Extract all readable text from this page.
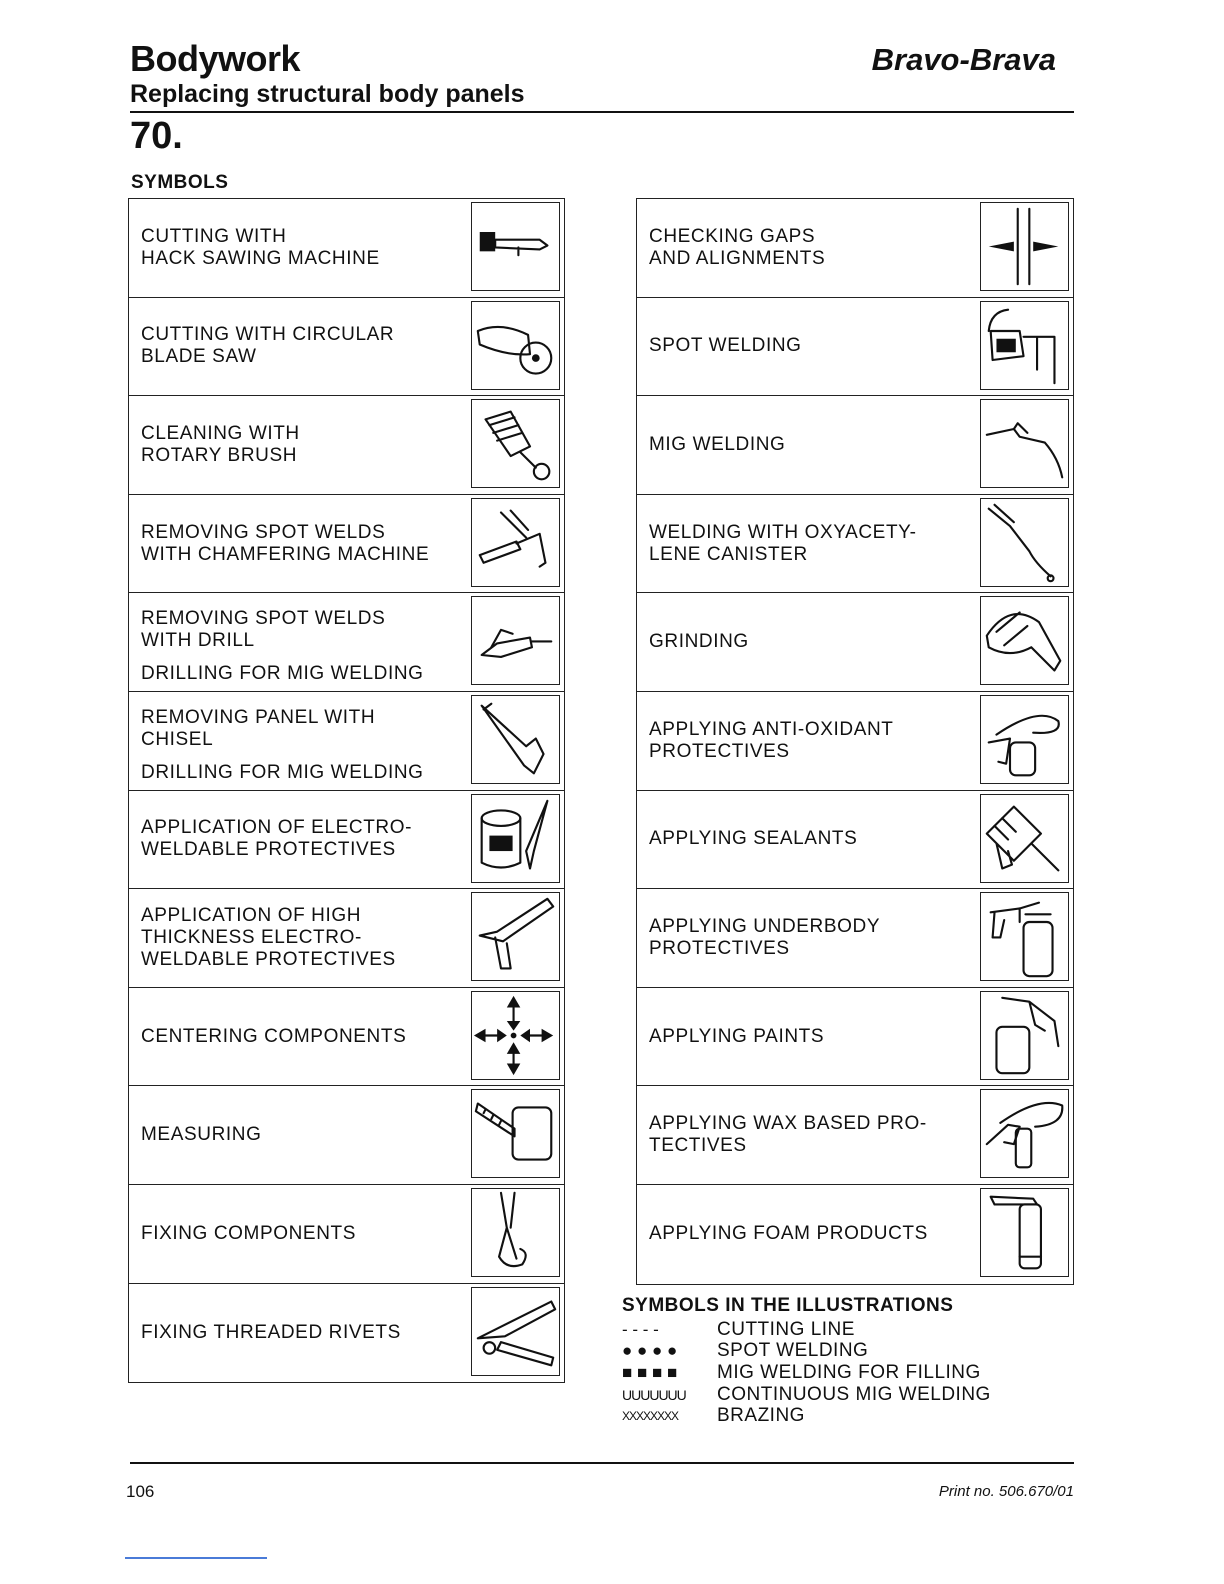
Bodywork	Bravo-Brava
Replacing structural body panels
70.
SYMBOLS
CUTTING WITH
HACK SAWING MACHINE
CUTTING WITH CIRCULAR
BLADE SAW
CLEANING WITH
ROTARY BRUSH
REMOVING SPOT WELDS
WITH CHAMFERING MACHINE
REMOVING SPOT WELDS
WITH DRILL
DRILLING FOR MIG WELDING
REMOVING PANEL WITH
CHISEL
DRILLING FOR MIG WELDING
APPLICATION OF ELECTRO-
WELDABLE PROTECTIVES
APPLICATION OF HIGH
THICKNESS ELECTRO-
WELDABLE PROTECTIVES
CENTERING COMPONENTS
MEASURING
FIXING COMPONENTS
FIXING THREADED RIVETS
CHECKING GAPS
AND ALIGNMENTS
SPOT WELDING
MIG WELDING
WELDING WITH OXYACETY-
LENE CANISTER
GRINDING
APPLYING ANTI-OXIDANT
PROTECTIVES
APPLYING SEALANTS
APPLYING UNDERBODY
PROTECTIVES
APPLYING PAINTS
APPLYING WAX BASED PRO-
TECTIVES
APPLYING FOAM PRODUCTS
SYMBOLS IN THE ILLUSTRATIONS
- - - -	CUTTING LINE
● ● ● ●	SPOT WELDING
■ ■ ■ ■	MIG WELDING FOR FILLING
UUUUUUU	CONTINUOUS MIG WELDING
XXXXXXXX	BRAZING
106	Print no. 506.670/01
